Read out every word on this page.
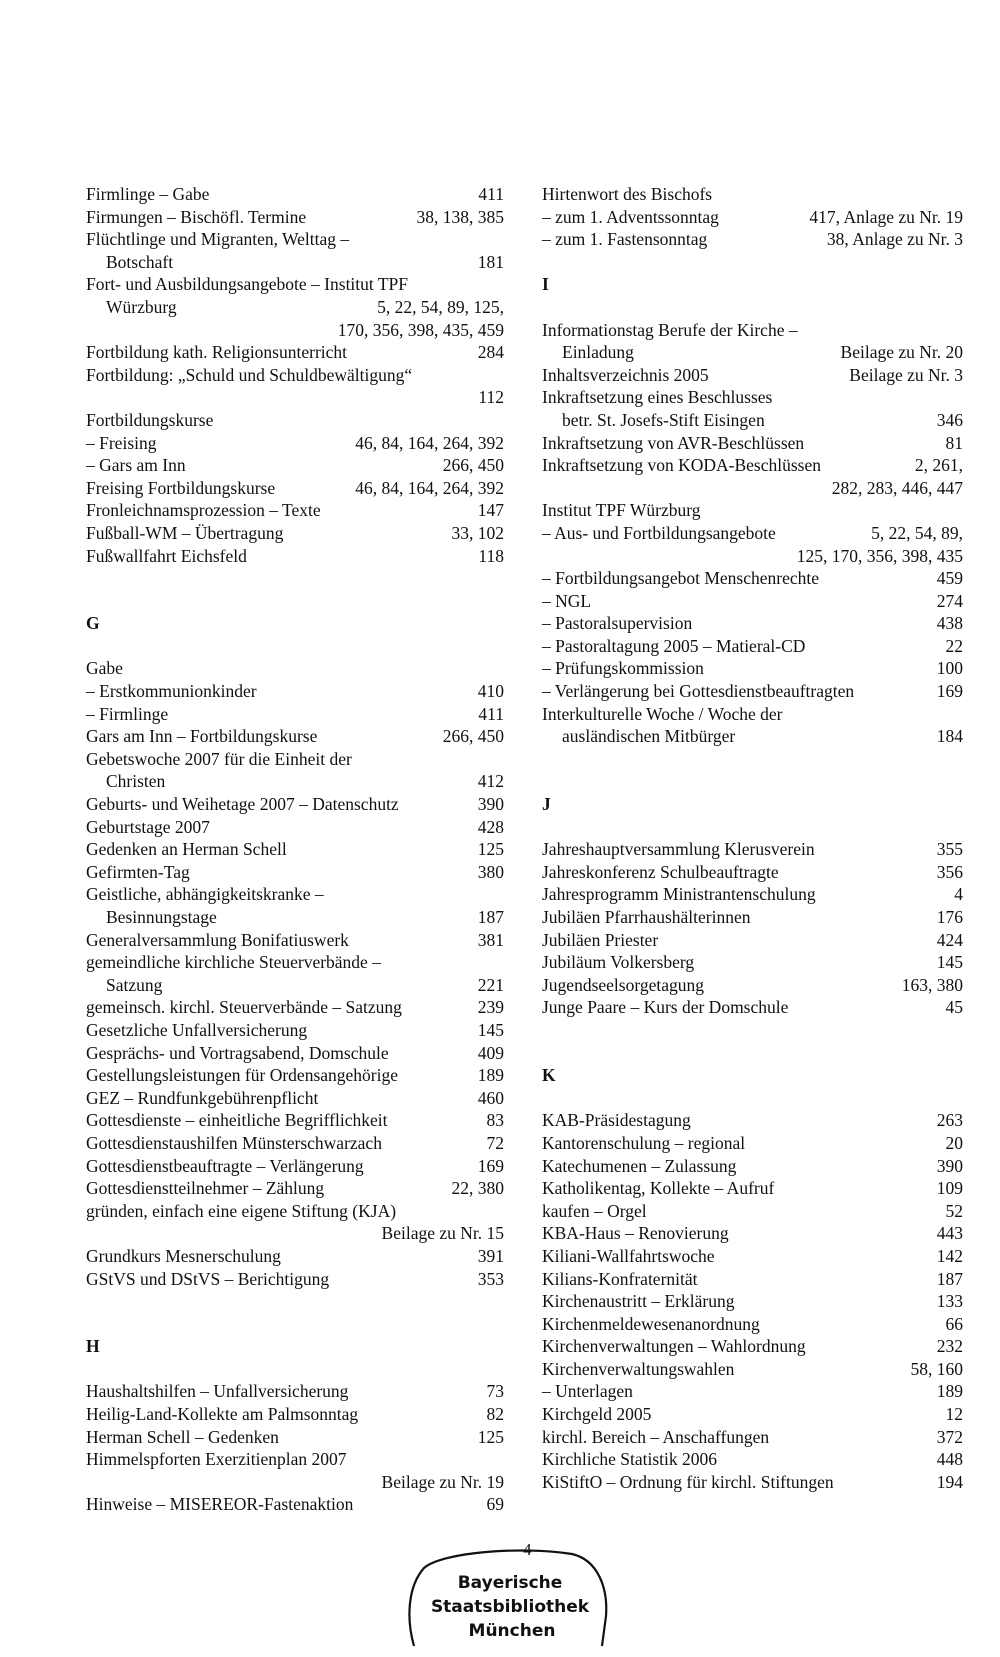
Firmlinge – Gabe	411
Firmungen – Bischöfl. Termine	38, 138, 385
Flüchtlinge und Migranten, Welttag –
Botschaft	181
Fort- und Ausbildungsangebote – Institut TPF
Würzburg	5, 22, 54, 89, 125,
170, 356, 398, 435, 459
Fortbildung kath. Religionsunterricht	284
Fortbildung: „Schuld und Schuldbewältigung“
112
Fortbildungskurse
– Freising	46, 84, 164, 264, 392
– Gars am Inn	266, 450
Freising Fortbildungskurse	46, 84, 164, 264, 392
Fronleichnamsprozession – Texte	147
Fußball-WM – Übertragung	33, 102
Fußwallfahrt Eichsfeld	118
G
Gabe
– Erstkommunionkinder	410
– Firmlinge	411
Gars am Inn – Fortbildungskurse	266, 450
Gebetswoche 2007 für die Einheit der
Christen	412
Geburts- und Weihetage 2007 – Datenschutz	390
Geburtstage 2007	428
Gedenken an Herman Schell	125
Gefirmten-Tag	380
Geistliche, abhängigkeitskranke –
Besinnungstage	187
Generalversammlung Bonifatiuswerk	381
gemeindliche kirchliche Steuerverbände –
Satzung	221
gemeinsch. kirchl. Steuerverbände – Satzung	239
Gesetzliche Unfallversicherung	145
Gesprächs- und Vortragsabend, Domschule	409
Gestellungsleistungen für Ordensangehörige	189
GEZ – Rundfunkgebührenpflicht	460
Gottesdienste – einheitliche Begrifflichkeit	83
Gottesdienstaushilfen Münsterschwarzach	72
Gottesdienstbeauftragte – Verlängerung	169
Gottesdienstteilnehmer – Zählung	22, 380
gründen, einfach eine eigene Stiftung (KJA)
Beilage zu Nr. 15
Grundkurs Mesnerschulung	391
GStVS und DStVS – Berichtigung	353
H
Haushaltshilfen – Unfallversicherung	73
Heilig-Land-Kollekte am Palmsonntag	82
Herman Schell – Gedenken	125
Himmelspforten Exerzitienplan 2007
Beilage zu Nr. 19
Hinweise – MISEREOR-Fastenaktion	69
Hirtenwort des Bischofs
– zum 1. Adventssonntag	417, Anlage zu Nr. 19
– zum 1. Fastensonntag	38, Anlage zu Nr. 3
I
Informationstag Berufe der Kirche –
Einladung	Beilage zu Nr. 20
Inhaltsverzeichnis 2005	Beilage zu Nr. 3
Inkraftsetzung eines Beschlusses
betr. St. Josefs-Stift Eisingen	346
Inkraftsetzung von AVR-Beschlüssen	81
Inkraftsetzung von KODA-Beschlüssen	2, 261,
282, 283, 446, 447
Institut TPF Würzburg
– Aus- und Fortbildungsangebote	5, 22, 54, 89,
125, 170, 356, 398, 435
– Fortbildungsangebot Menschenrechte	459
– NGL	274
– Pastoralsupervision	438
– Pastoraltagung 2005 – Matieral-CD	22
– Prüfungskommission	100
– Verlängerung bei Gottesdienstbeauftragten	169
Interkulturelle Woche / Woche der
ausländischen Mitbürger	184
J
Jahreshauptversammlung Klerusverein	355
Jahreskonferenz Schulbeauftragte	356
Jahresprogramm Ministrantenschulung	4
Jubiläen Pfarrhaushälterinnen	176
Jubiläen Priester	424
Jubiläum Volkersberg	145
Jugendseelsorgetagung	163, 380
Junge Paare – Kurs der Domschule	45
K
KAB-Präsidestagung	263
Kantorenschulung – regional	20
Katechumenen – Zulassung	390
Katholikentag, Kollekte – Aufruf	109
kaufen – Orgel	52
KBA-Haus – Renovierung	443
Kiliani-Wallfahrtswoche	142
Kilians-Konfraternität	187
Kirchenaustritt – Erklärung	133
Kirchenmeldewesenanordnung	66
Kirchenverwaltungen – Wahlordnung	232
Kirchenverwaltungswahlen	58, 160
– Unterlagen	189
Kirchgeld 2005	12
kirchl. Bereich – Anschaffungen	372
Kirchliche Statistik 2006	448
KiStiftO – Ordnung für kirchl. Stiftungen	194
4
Bayerische
Staatsbibliothek
München
